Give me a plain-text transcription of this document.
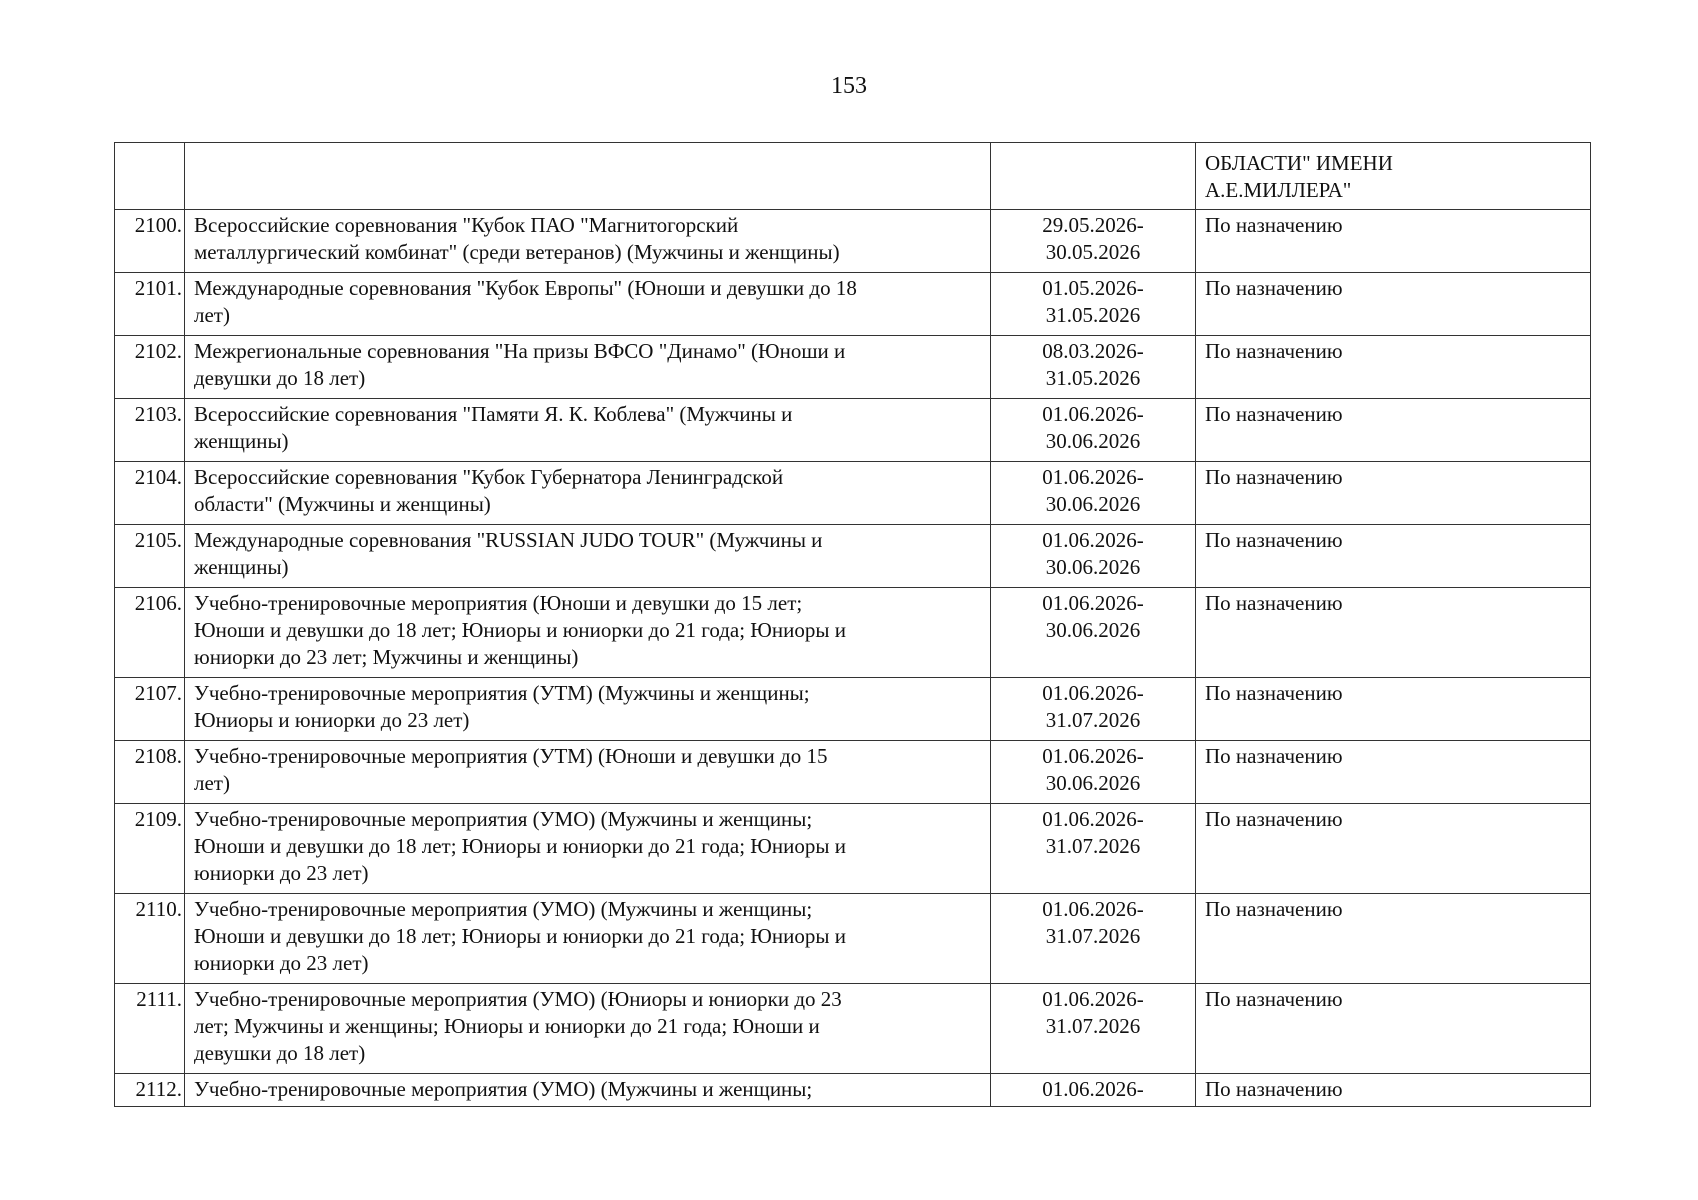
153

			ОБЛАСТИ" ИМЕНИ
А.Е.МИЛЛЕРА"

2100.	Всероссийские соревнования "Кубок ПАО "Магнитогорский
металлургический комбинат" (среди ветеранов) (Мужчины и женщины)	29.05.2026-
30.05.2026	По назначению
2101.	Международные соревнования "Кубок Европы" (Юноши и девушки до 18
лет)	01.05.2026-
31.05.2026	По назначению
2102.	Межрегиональные соревнования "На призы ВФСО "Динамо" (Юноши и
девушки до 18 лет)	08.03.2026-
31.05.2026	По назначению
2103.	Всероссийские соревнования "Памяти Я. К. Коблева" (Мужчины и
женщины)	01.06.2026-
30.06.2026	По назначению
2104.	Всероссийские соревнования "Кубок Губернатора Ленинградской
области" (Мужчины и женщины)	01.06.2026-
30.06.2026	По назначению
2105.	Международные соревнования "RUSSIAN JUDO TOUR" (Мужчины и
женщины)	01.06.2026-
30.06.2026	По назначению
2106.	Учебно-тренировочные мероприятия (Юноши и девушки до 15 лет;
Юноши и девушки до 18 лет; Юниоры и юниорки до 21 года; Юниоры и
юниорки до 23 лет; Мужчины и женщины)	01.06.2026-
30.06.2026	По назначению
2107.	Учебно-тренировочные мероприятия (УТМ) (Мужчины и женщины;
Юниоры и юниорки до 23 лет)	01.06.2026-
31.07.2026	По назначению
2108.	Учебно-тренировочные мероприятия (УТМ) (Юноши и девушки до 15
лет)	01.06.2026-
30.06.2026	По назначению
2109.	Учебно-тренировочные мероприятия (УМО) (Мужчины и женщины;
Юноши и девушки до 18 лет; Юниоры и юниорки до 21 года; Юниоры и
юниорки до 23 лет)	01.06.2026-
31.07.2026	По назначению
2110.	Учебно-тренировочные мероприятия (УМО) (Мужчины и женщины;
Юноши и девушки до 18 лет; Юниоры и юниорки до 21 года; Юниоры и
юниорки до 23 лет)	01.06.2026-
31.07.2026	По назначению
2111.	Учебно-тренировочные мероприятия (УМО) (Юниоры и юниорки до 23
лет; Мужчины и женщины; Юниоры и юниорки до 21 года; Юноши и
девушки до 18 лет)	01.06.2026-
31.07.2026	По назначению
2112.	Учебно-тренировочные мероприятия (УМО) (Мужчины и женщины;	01.06.2026-	По назначению
